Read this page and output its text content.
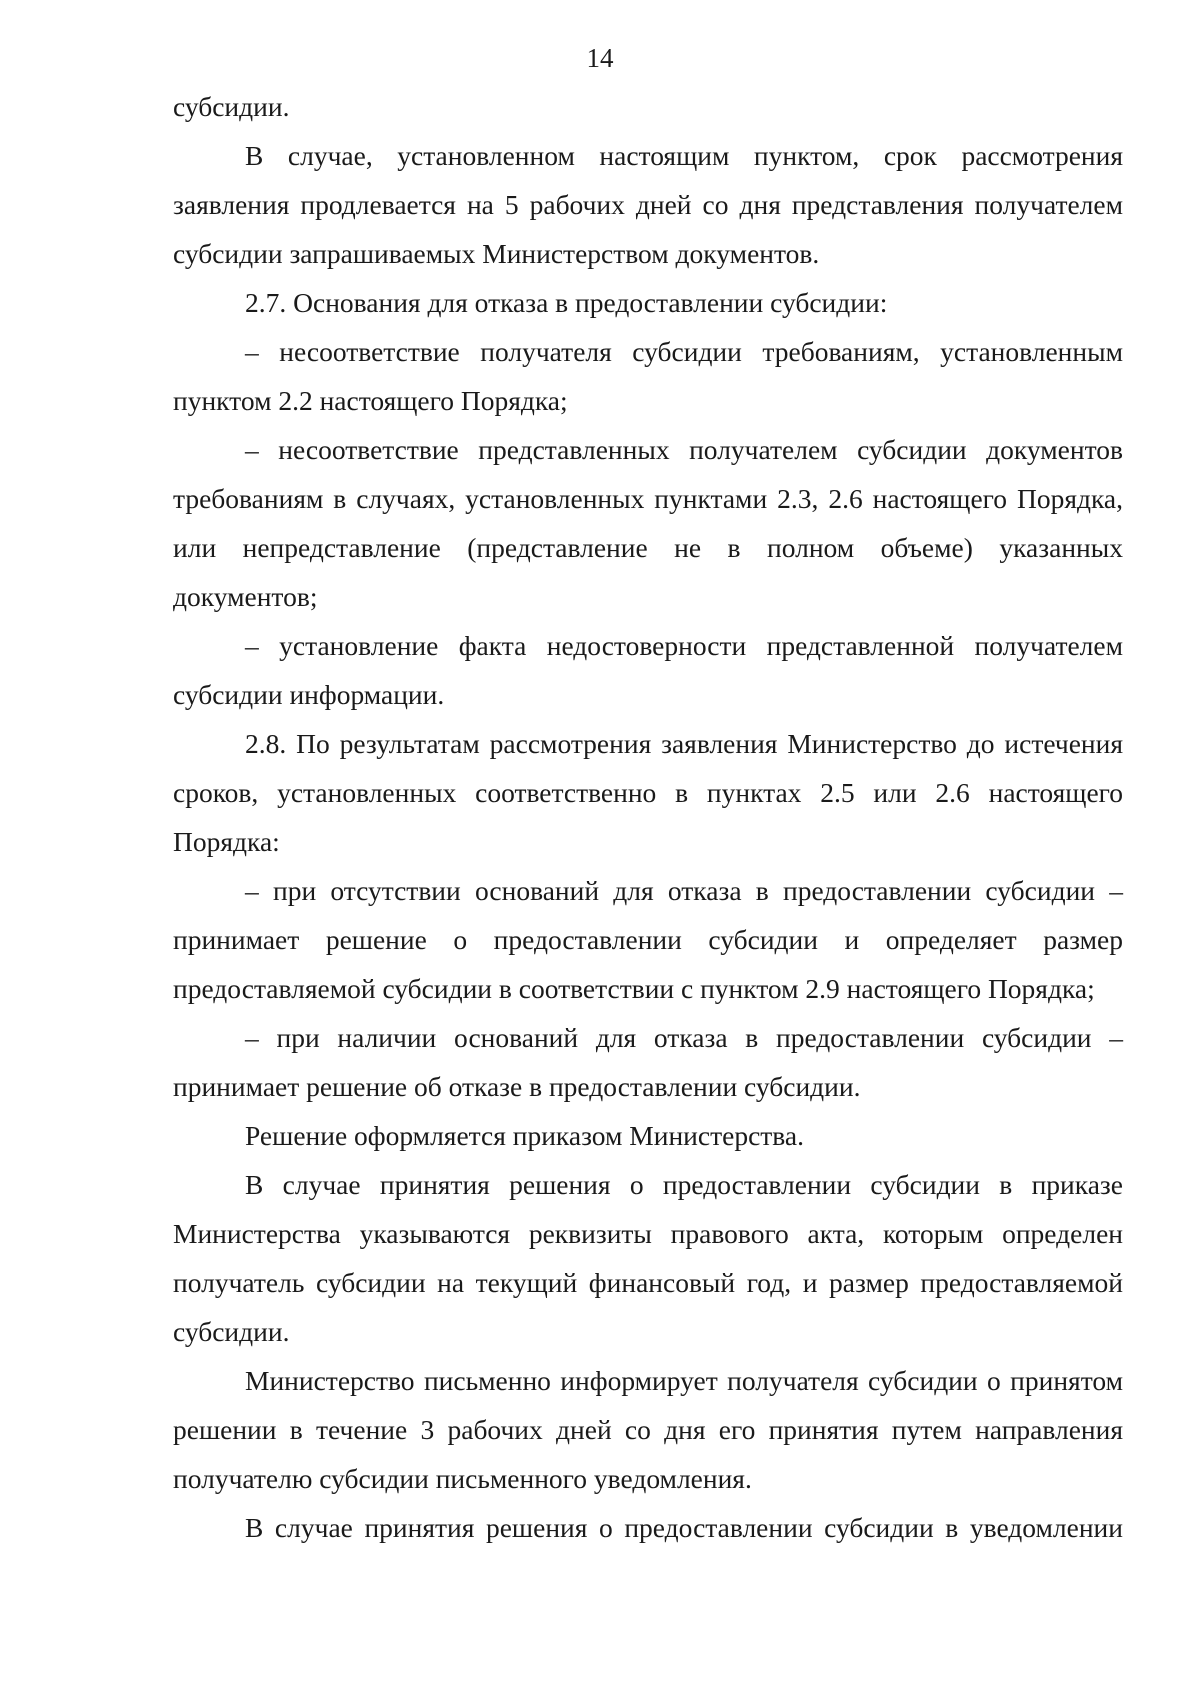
14

субсидии.

В случае, установленном настоящим пунктом, срок рассмотрения заявления продлевается на 5 рабочих дней со дня представления получателем субсидии запрашиваемых Министерством документов.

2.7. Основания для отказа в предоставлении субсидии:

– несоответствие получателя субсидии требованиям, установленным пунктом 2.2 настоящего Порядка;

– несоответствие представленных получателем субсидии документов требованиям в случаях, установленных пунктами 2.3, 2.6 настоящего Порядка, или непредставление (представление не в полном объеме) указанных документов;

– установление факта недостоверности представленной получателем субсидии информации.

2.8. По результатам рассмотрения заявления Министерство до истечения сроков, установленных соответственно в пунктах 2.5 или 2.6 настоящего Порядка:

– при отсутствии оснований для отказа в предоставлении субсидии – принимает решение о предоставлении субсидии и определяет размер предоставляемой субсидии в соответствии с пунктом 2.9 настоящего Порядка;

– при наличии оснований для отказа в предоставлении субсидии – принимает решение об отказе в предоставлении субсидии.

Решение оформляется приказом Министерства.

В случае принятия решения о предоставлении субсидии в приказе Министерства указываются реквизиты правового акта, которым определен получатель субсидии на текущий финансовый год, и размер предоставляемой субсидии.

Министерство письменно информирует получателя субсидии о принятом решении в течение 3 рабочих дней со дня его принятия путем направления получателю субсидии письменного уведомления.

В случае принятия решения о предоставлении субсидии в уведомлении
